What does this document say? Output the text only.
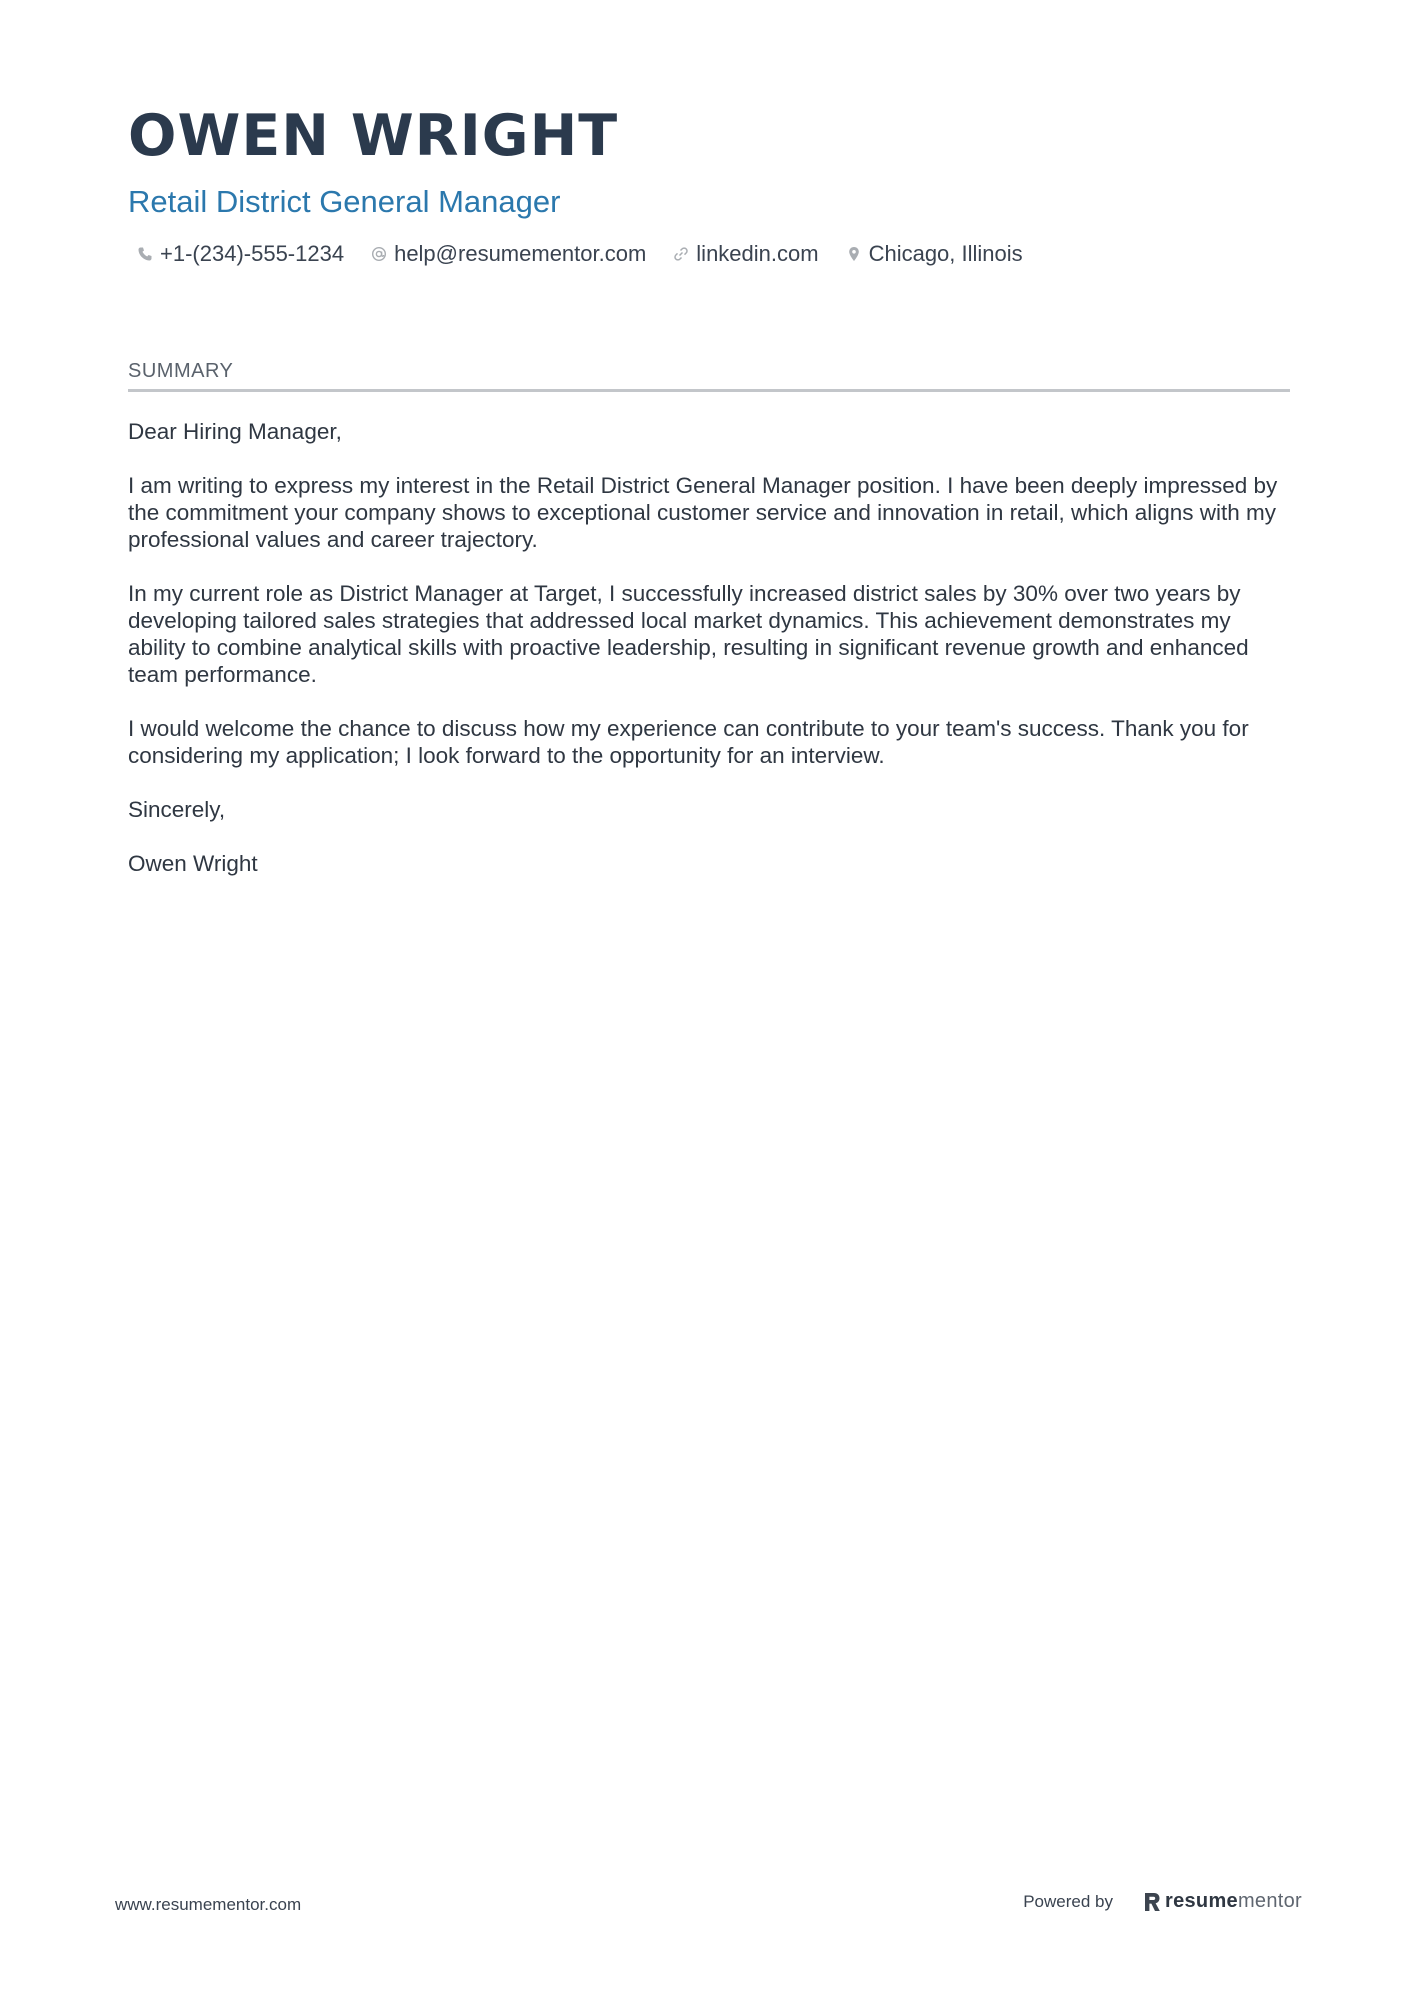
OWEN WRIGHT
Retail District General Manager
+1-(234)-555-1234 help@resumementor.com linkedin.com Chicago, Illinois
SUMMARY

Dear Hiring Manager,

I am writing to express my interest in the Retail District General Manager position. I have been deeply impressed by the commitment your company shows to exceptional customer service and innovation in retail, which aligns with my professional values and career trajectory.

In my current role as District Manager at Target, I successfully increased district sales by 30% over two years by developing tailored sales strategies that addressed local market dynamics. This achievement demonstrates my ability to combine analytical skills with proactive leadership, resulting in significant revenue growth and enhanced team performance.

I would welcome the chance to discuss how my experience can contribute to your team's success. Thank you for considering my application; I look forward to the opportunity for an interview.

Sincerely,

Owen Wright

www.resumementor.com	Powered by	resume mentor
